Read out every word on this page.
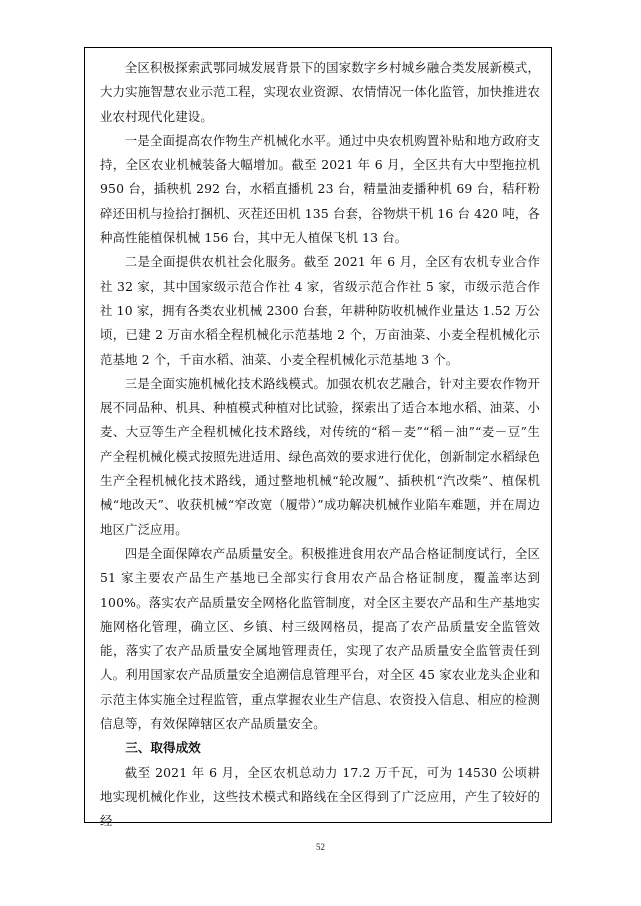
全区积极探索武鄂同城发展背景下的国家数字乡村城乡融合类发展新模式，大力实施智慧农业示范工程，实现农业资源、农情情况一体化监管，加快推进农业农村现代化建设。

一是全面提高农作物生产机械化水平。通过中央农机购置补贴和地方政府支持，全区农业机械装备大幅增加。截至 2021 年 6 月，全区共有大中型拖拉机 950 台，插秧机 292 台，水稻直播机 23 台，精量油麦播种机 69 台，秸秆粉碎还田机与捡拾打捆机、灭茬还田机 135 台套，谷物烘干机 16 台 420 吨，各种高性能植保机械 156 台，其中无人植保飞机 13 台。

二是全面提供农机社会化服务。截至 2021 年 6 月，全区有农机专业合作社 32 家，其中国家级示范合作社 4 家，省级示范合作社 5 家，市级示范合作社 10 家，拥有各类农业机械 2300 台套，年耕种防收机械作业量达 1.52 万公顷，已建 2 万亩水稻全程机械化示范基地 2 个，万亩油菜、小麦全程机械化示范基地 2 个，千亩水稻、油菜、小麦全程机械化示范基地 3 个。

三是全面实施机械化技术路线模式。加强农机农艺融合，针对主要农作物开展不同品种、机具、种植模式种植对比试验，探索出了适合本地水稻、油菜、小麦、大豆等生产全程机械化技术路线，对传统的“稻－麦”“稻－油”“麦－豆”生产全程机械化模式按照先进适用、绿色高效的要求进行优化，创新制定水稻绿色生产全程机械化技术路线，通过整地机械“轮改履”、插秧机“汽改柴”、植保机械“地改天”、收获机械“窄改宽（履带）”成功解决机械作业陷车难题，并在周边地区广泛应用。

四是全面保障农产品质量安全。积极推进食用农产品合格证制度试行，全区 51 家主要农产品生产基地已全部实行食用农产品合格证制度，覆盖率达到 100%。落实农产品质量安全网格化监管制度，对全区主要农产品和生产基地实施网格化管理，确立区、乡镇、村三级网格员，提高了农产品质量安全监管效能，落实了农产品质量安全属地管理责任，实现了农产品质量安全监管责任到人。利用国家农产品质量安全追溯信息管理平台，对全区 45 家农业龙头企业和示范主体实施全过程监管，重点掌握农业生产信息、农资投入信息、相应的检测信息等，有效保障辖区农产品质量安全。

三、取得成效

截至 2021 年 6 月，全区农机总动力 17.2 万千瓦，可为 14530 公顷耕地实现机械化作业，这些技术模式和路线在全区得到了广泛应用，产生了较好的经

52
